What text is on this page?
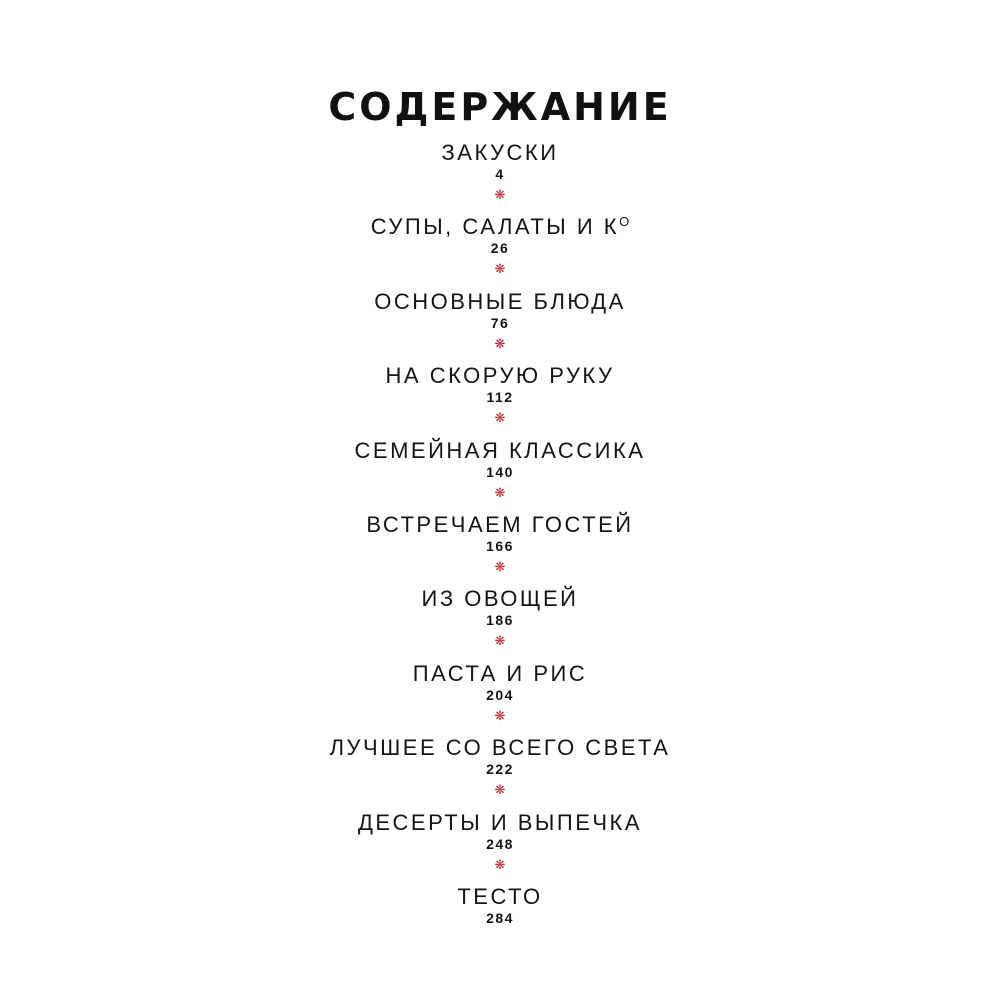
СОДЕРЖАНИЕ
ЗАКУСКИ
4
❋
СУПЫ, САЛАТЫ И $К^О$
26
❋
ОСНОВНЫЕ БЛЮДА
76
❋
НА СКОРУЮ РУКУ
112
❋
СЕМЕЙНАЯ КЛАССИКА
140
❋
ВСТРЕЧАЕМ ГОСТЕЙ
166
❋
ИЗ ОВОЩЕЙ
186
❋
ПАСТА И РИС
204
❋
ЛУЧШЕЕ СО ВСЕГО СВЕТА
222
❋
ДЕСЕРТЫ И ВЫПЕЧКА
248
❋
ТЕСТО
284
